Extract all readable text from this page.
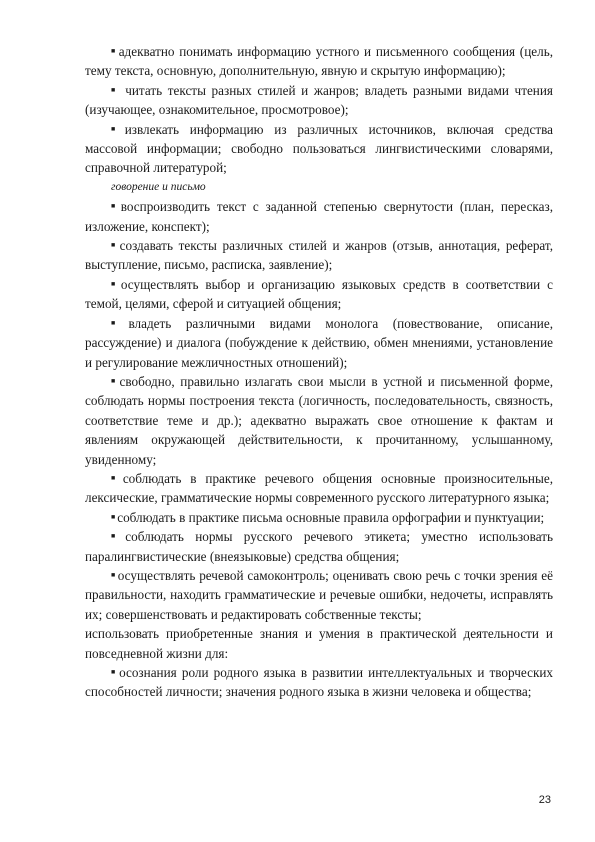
■ адекватно понимать информацию устного и письменного сообщения (цель, тему текста, основную, дополнительную, явную и скрытую информацию);

■ читать тексты разных стилей и жанров; владеть разными видами чтения (изучающее, ознакомительное, просмотровое);

■ извлекать информацию из различных источников, включая средства массовой информации; свободно пользоваться лингвистическими словарями, справочной литературой;

говорение и письмо

■ воспроизводить текст с заданной степенью свернутости (план, пересказ, изложение, конспект);

■ создавать тексты различных стилей и жанров (отзыв, аннотация, реферат, выступление, письмо, расписка, заявление);

■ осуществлять выбор и организацию языковых средств в соответствии с темой, целями, сферой и ситуацией общения;

■ владеть различными видами монолога (повествование, описание, рассуждение) и диалога (побуждение к действию, обмен мнениями, установление и регулирование межличностных отношений);

■ свободно, правильно излагать свои мысли в устной и письменной форме, соблюдать нормы построения текста (логичность, последовательность, связность, соответствие теме и др.); адекватно выражать свое отношение к фактам и явлениям окружающей действительности, к прочитанному, услышанному, увиденному;

■ соблюдать в практике речевого общения основные произносительные, лексические, грамматические нормы современного русского литературного языка;

■ соблюдать в практике письма основные правила орфографии и пунктуации;

■ соблюдать нормы русского речевого этикета; уместно использовать паралингвистические (внеязыковые) средства общения;

■ осуществлять речевой самоконтроль; оценивать свою речь с точки зрения её правильности, находить грамматические и речевые ошибки, недочеты, исправлять их; совершенствовать и редактировать собственные тексты;

использовать приобретенные знания и умения в практической деятельности и повседневной жизни для:

■ осознания роли родного языка в развитии интеллектуальных и творческих способностей личности; значения родного языка в жизни человека и общества;

23
